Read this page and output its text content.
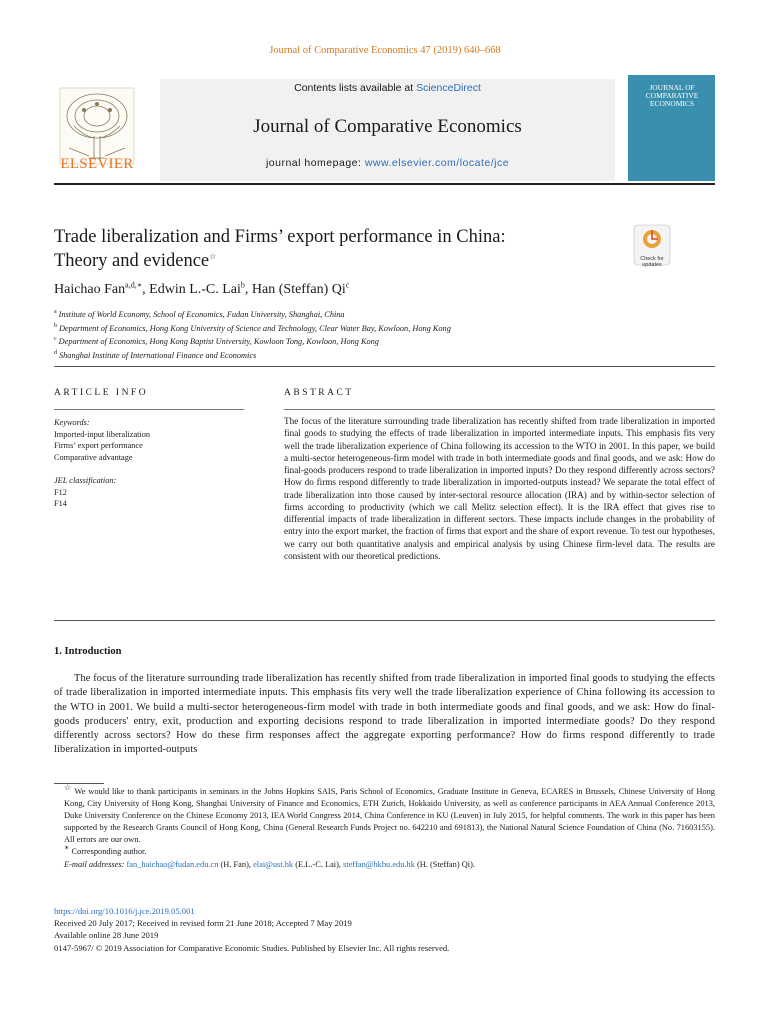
Journal of Comparative Economics 47 (2019) 640–668
Contents lists available at ScienceDirect
Journal of Comparative Economics
journal homepage: www.elsevier.com/locate/jce
ELSEVIER
JOURNAL OF COMPARATIVE ECONOMICS
Trade liberalization and Firms’ export performance in China:
Theory and evidence☆	Check for updates
Haichao Fan$^{a,d,∗}$, Edwin L.-C. Lai$^b$, Han (Steffan) Qi$^c$
$^a$ Institute of World Economy, School of Economics, Fudan University, Shanghai, China
$^b$ Department of Economics, Hong Kong University of Science and Technology, Clear Water Bay, Kowloon, Hong Kong
$^c$ Department of Economics, Hong Kong Baptist University, Kowloon Tong, Kowloon, Hong Kong
$^d$ Shanghai Institute of International Finance and Economics
ARTICLE INFO
Keywords:
Imported-input liberalization
Firms’ export performance
Comparative advantage
JEL classification:
F12
F14
ABSTRACT
The focus of the literature surrounding trade liberalization has recently shifted from trade liberalization in imported final goods to studying the effects of trade liberalization in imported intermediate inputs. This emphasis fits very well the trade liberalization experience of China following its accession to the WTO in 2001. In this paper, we build a multi-sector heterogeneous-firm model with trade in both intermediate goods and final goods, and we ask: How do final-goods producers respond to trade liberalization in imported inputs? Do they respond differently across sectors? How do firms respond differently to trade liberalization in imported-outputs instead? We separate the total effect of trade liberalization into those caused by inter-sectoral resource allocation (IRA) and by within-sector selection of firms according to productivity (which we call Melitz selection effect). It is the IRA effect that gives rise to differential impacts of trade liberalization in different sectors. These impacts include changes in the probability of entry into the export market, the fraction of firms that export and the share of export revenue. To test our hypotheses, we carry out both quantitative analysis and empirical analysis by using Chinese firm-level data. The results are consistent with our theoretical predictions.
1. Introduction
The focus of the literature surrounding trade liberalization has recently shifted from trade liberalization in imported final goods to studying the effects of trade liberalization in imported intermediate inputs. This emphasis fits very well the trade liberalization experience of China following its accession to the WTO in 2001. We build a multi-sector heterogeneous-firm model with trade in both intermediate goods and final goods, and we ask: How do final-goods producers' entry, exit, production and exporting decisions respond to trade liberalization in imported intermediate goods? Do they respond differently across sectors? How do these firm responses affect the aggregate exporting performance? How do firms respond differently to trade liberalization in imported-outputs

☆ We would like to thank participants in seminars in the Johns Hopkins SAIS, Paris School of Economics, Graduate Institute in Geneva, ECARES in Brussels, Chinese University of Hong Kong, City University of Hong Kong, Shanghai University of Finance and Economics, ETH Zurich, Hokkaido University, as well as conference participants in AEA Annual Conference 2013, Duke University Conference on the Chinese Economy 2013, IEA World Congress 2014, China Conference in KU (Leuven) in July 2015, for helpful comments. The work in this paper has been supported by the Research Grants Council of Hong Kong, China (General Research Funds Project no. 642210 and 691813), the National Natural Science Foundation of China (No. 71603155). All errors are our own.

∗ Corresponding author.

E-mail addresses: fan_haichao@fudan.edu.cn (H. Fan), elai@ust.hk (E.L.-C. Lai), steffan@hkbu.edu.hk (H. (Steffan) Qi).

https://doi.org/10.1016/j.jce.2019.05.001
Received 20 July 2017; Received in revised form 21 June 2018; Accepted 7 May 2019
Available online 28 June 2019
0147-5967/ © 2019 Association for Comparative Economic Studies. Published by Elsevier Inc. All rights reserved.
